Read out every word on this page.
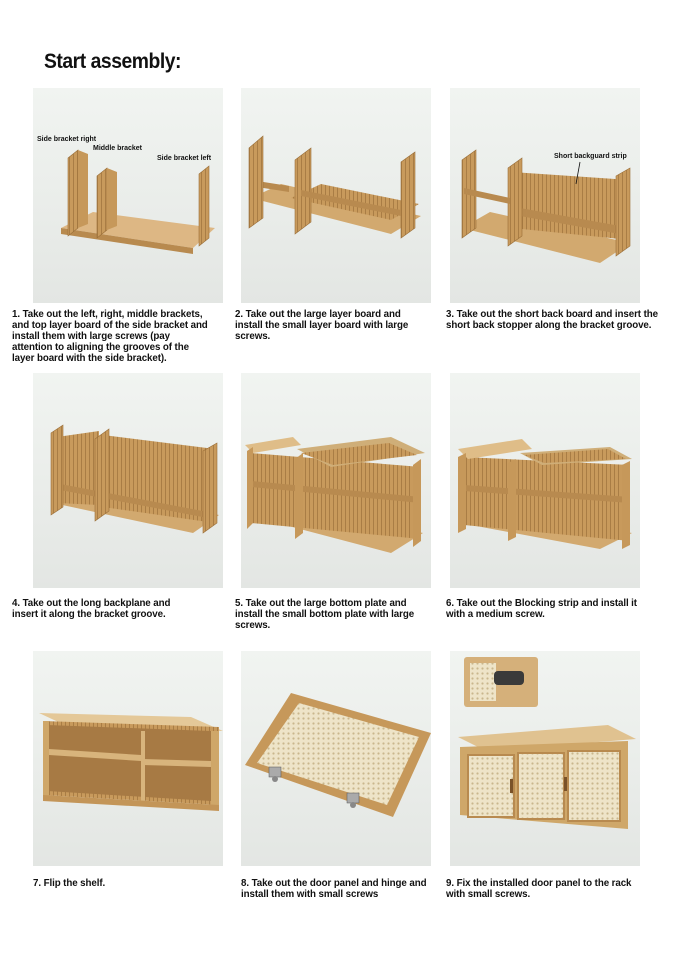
Start assembly:
Side bracket right
Middle bracket
Side bracket left	Short backguard strip
1. Take out the left, right, middle brackets, and top layer board of the side bracket and install them with large screws (pay attention to aligning the grooves of the layer board with the side bracket).
2. Take out the large layer board and install the small layer board with large screws.
3. Take out the short back board and insert the short back stopper along the bracket groove.
4. Take out the long backplane and insert it along the bracket groove.
5. Take out the large bottom plate and install the small bottom plate with large screws.
6. Take out the Blocking strip and install it with a medium screw.
7. Flip the shelf.	8. Take out the door panel and hinge and install them with small screws
9. Fix the installed door panel to the rack with small screws.
